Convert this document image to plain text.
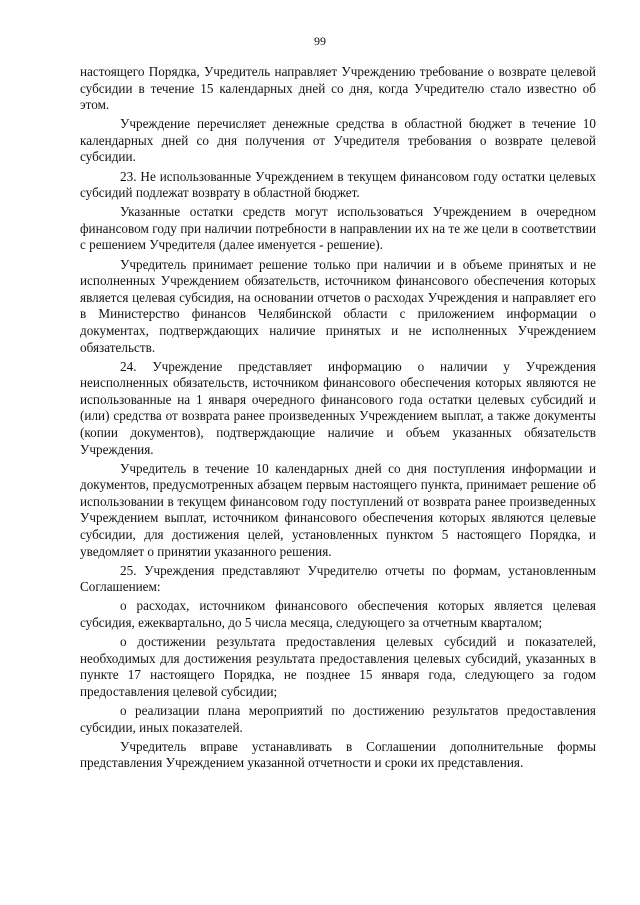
99

настоящего Порядка, Учредитель направляет Учреждению требование о возврате целевой субсидии в течение 15 календарных дней со дня, когда Учредителю стало известно об этом.

Учреждение перечисляет денежные средства в областной бюджет в течение 10 календарных дней со дня получения от Учредителя требования о возврате целевой субсидии.

23. Не использованные Учреждением в текущем финансовом году остатки целевых субсидий подлежат возврату в областной бюджет.

Указанные остатки средств могут использоваться Учреждением в очередном финансовом году при наличии потребности в направлении их на те же цели в соответствии с решением Учредителя (далее именуется - решение).

Учредитель принимает решение только при наличии и в объеме принятых и не исполненных Учреждением обязательств, источником финансового обеспечения которых является целевая субсидия, на основании отчетов о расходах Учреждения и направляет его в Министерство финансов Челябинской области с приложением информации о документах, подтверждающих наличие принятых и не исполненных Учреждением обязательств.

24. Учреждение представляет информацию о наличии у Учреждения неисполненных обязательств, источником финансового обеспечения которых являются не использованные на 1 января очередного финансового года остатки целевых субсидий и (или) средства от возврата ранее произведенных Учреждением выплат, а также документы (копии документов), подтверждающие наличие и объем указанных обязательств Учреждения.

Учредитель в течение 10 календарных дней со дня поступления информации и документов, предусмотренных абзацем первым настоящего пункта, принимает решение об использовании в текущем финансовом году поступлений от возврата ранее произведенных Учреждением выплат, источником финансового обеспечения которых являются целевые субсидии, для достижения целей, установленных пунктом 5 настоящего Порядка, и уведомляет о принятии указанного решения.

25. Учреждения представляют Учредителю отчеты по формам, установленным Соглашением:

о расходах, источником финансового обеспечения которых является целевая субсидия, ежеквартально, до 5 числа месяца, следующего за отчетным кварталом;

о достижении результата предоставления целевых субсидий и показателей, необходимых для достижения результата предоставления целевых субсидий, указанных в пункте 17 настоящего Порядка, не позднее 15 января года, следующего за годом предоставления целевой субсидии;

о реализации плана мероприятий по достижению результатов предоставления субсидии, иных показателей.

Учредитель вправе устанавливать в Соглашении дополнительные формы представления Учреждением указанной отчетности и сроки их представления.
